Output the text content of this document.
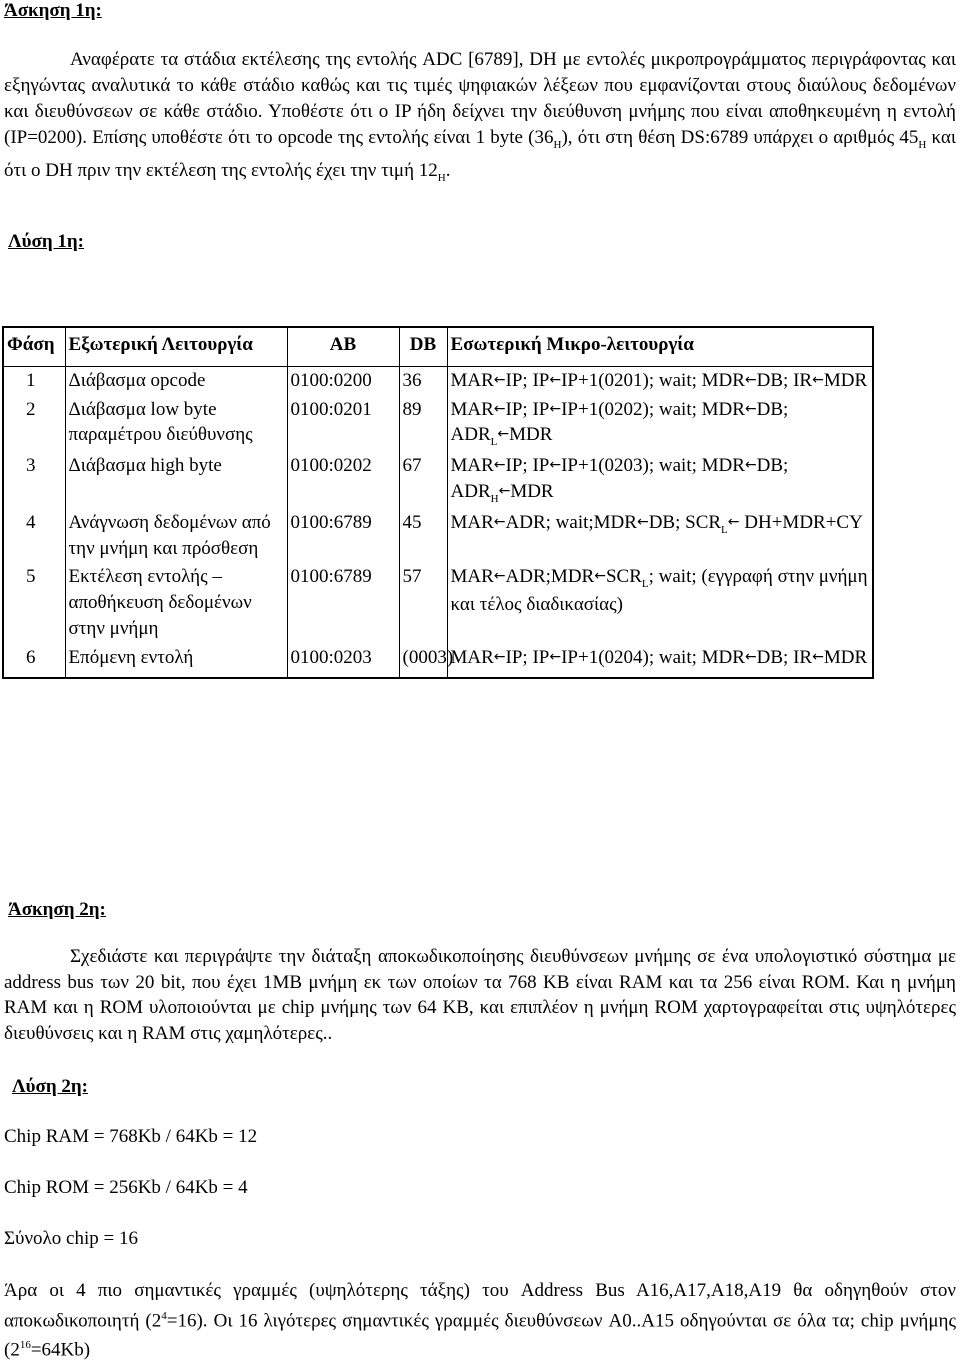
Άσκηση 1η:

Αναφέρατε τα στάδια εκτέλεσης της εντολής ADC [6789], DH με εντολές μικροπρογράμματος περιγράφοντας και εξηγώντας αναλυτικά το κάθε στάδιο καθώς και τις τιμές ψηφιακών λέξεων που εμφανίζονται στους διαύλους δεδομένων και διευθύνσεων σε κάθε στάδιο. Υποθέστε ότι ο IP ήδη δείχνει την διεύθυνση μνήμης που είναι αποθηκευμένη η εντολή (IP=0200). Επίσης υποθέστε ότι το opcode της εντολής είναι 1 byte $(36_H)$, ότι στη θέση DS:6789 υπάρχει ο αριθμός $45_H$ και ότι ο DH πριν την εκτέλεση της εντολής έχει την τιμή $12_H$.

Λύση 1η:
Φάση	Εξωτερική Λειτουργία	AB	DB	Εσωτερική Μικρο-λειτουργία
1	Διάβασμα opcode	0100:0200	36	MAR←IP; IP←IP+1(0201); wait; MDR←DB; IR←MDR
2	Διάβασμα low byte παραμέτρου διεύθυνσης	0100:0201	89	MAR←IP; IP←IP+1(0202); wait; MDR←DB; $ADR_L\leftarrow MDR$
3	Διάβασμα high byte	0100:0202	67	MAR←IP; IP←IP+1(0203); wait; MDR←DB; $ADR_H\leftarrow MDR$
4	Ανάγνωση δεδομένων από την μνήμη και πρόσθεση	0100:6789	45	MAR←ADR; wait;MDR←DB; $SCR_L\leftarrow$ DH+MDR+CY
5	Εκτέλεση εντολής – αποθήκευση δεδομένων στην μνήμη	0100:6789	57	$MAR\leftarrow ADR;MDR\leftarrow SCR_L$; wait; (εγγραφή στην μνήμη και τέλος διαδικασίας)
6	Επόμενη εντολή	0100:0203	(0003)	MAR←IP; IP←IP+1(0204); wait; MDR←DB; IR←MDR
Άσκηση 2η:

Σχεδιάστε και περιγράψτε την διάταξη αποκωδικοποίησης διευθύνσεων μνήμης σε ένα υπολογιστικό σύστημα με address bus των 20 bit, που έχει 1MB μνήμη εκ των οποίων τα 768 KB είναι RAM και τα 256 είναι ROM. Και η μνήμη RAM και η ROM υλοποιούνται με chip μνήμης των 64 KB, και επιπλέον η μνήμη ROM χαρτογραφείται στις υψηλότερες διευθύνσεις και η RAM στις χαμηλότερες..

Λύση 2η:
Chip RAM = 768Kb / 64Kb = 12
Chip ROM = 256Kb / 64Kb = 4
Σύνολο chip = 16

Άρα οι 4 πιο σημαντικές γραμμές (υψηλότερης τάξης) του Address Bus A16,A17,A18,A19 θα οδηγηθούν στον αποκωδικοποιητή $(2^4=16)$. Οι 16 λιγότερες σημαντικές γραμμές διευθύνσεων A0..A15 οδηγούνται σε όλα τα; chip μνήμης $(2^{16}=64Kb)$
